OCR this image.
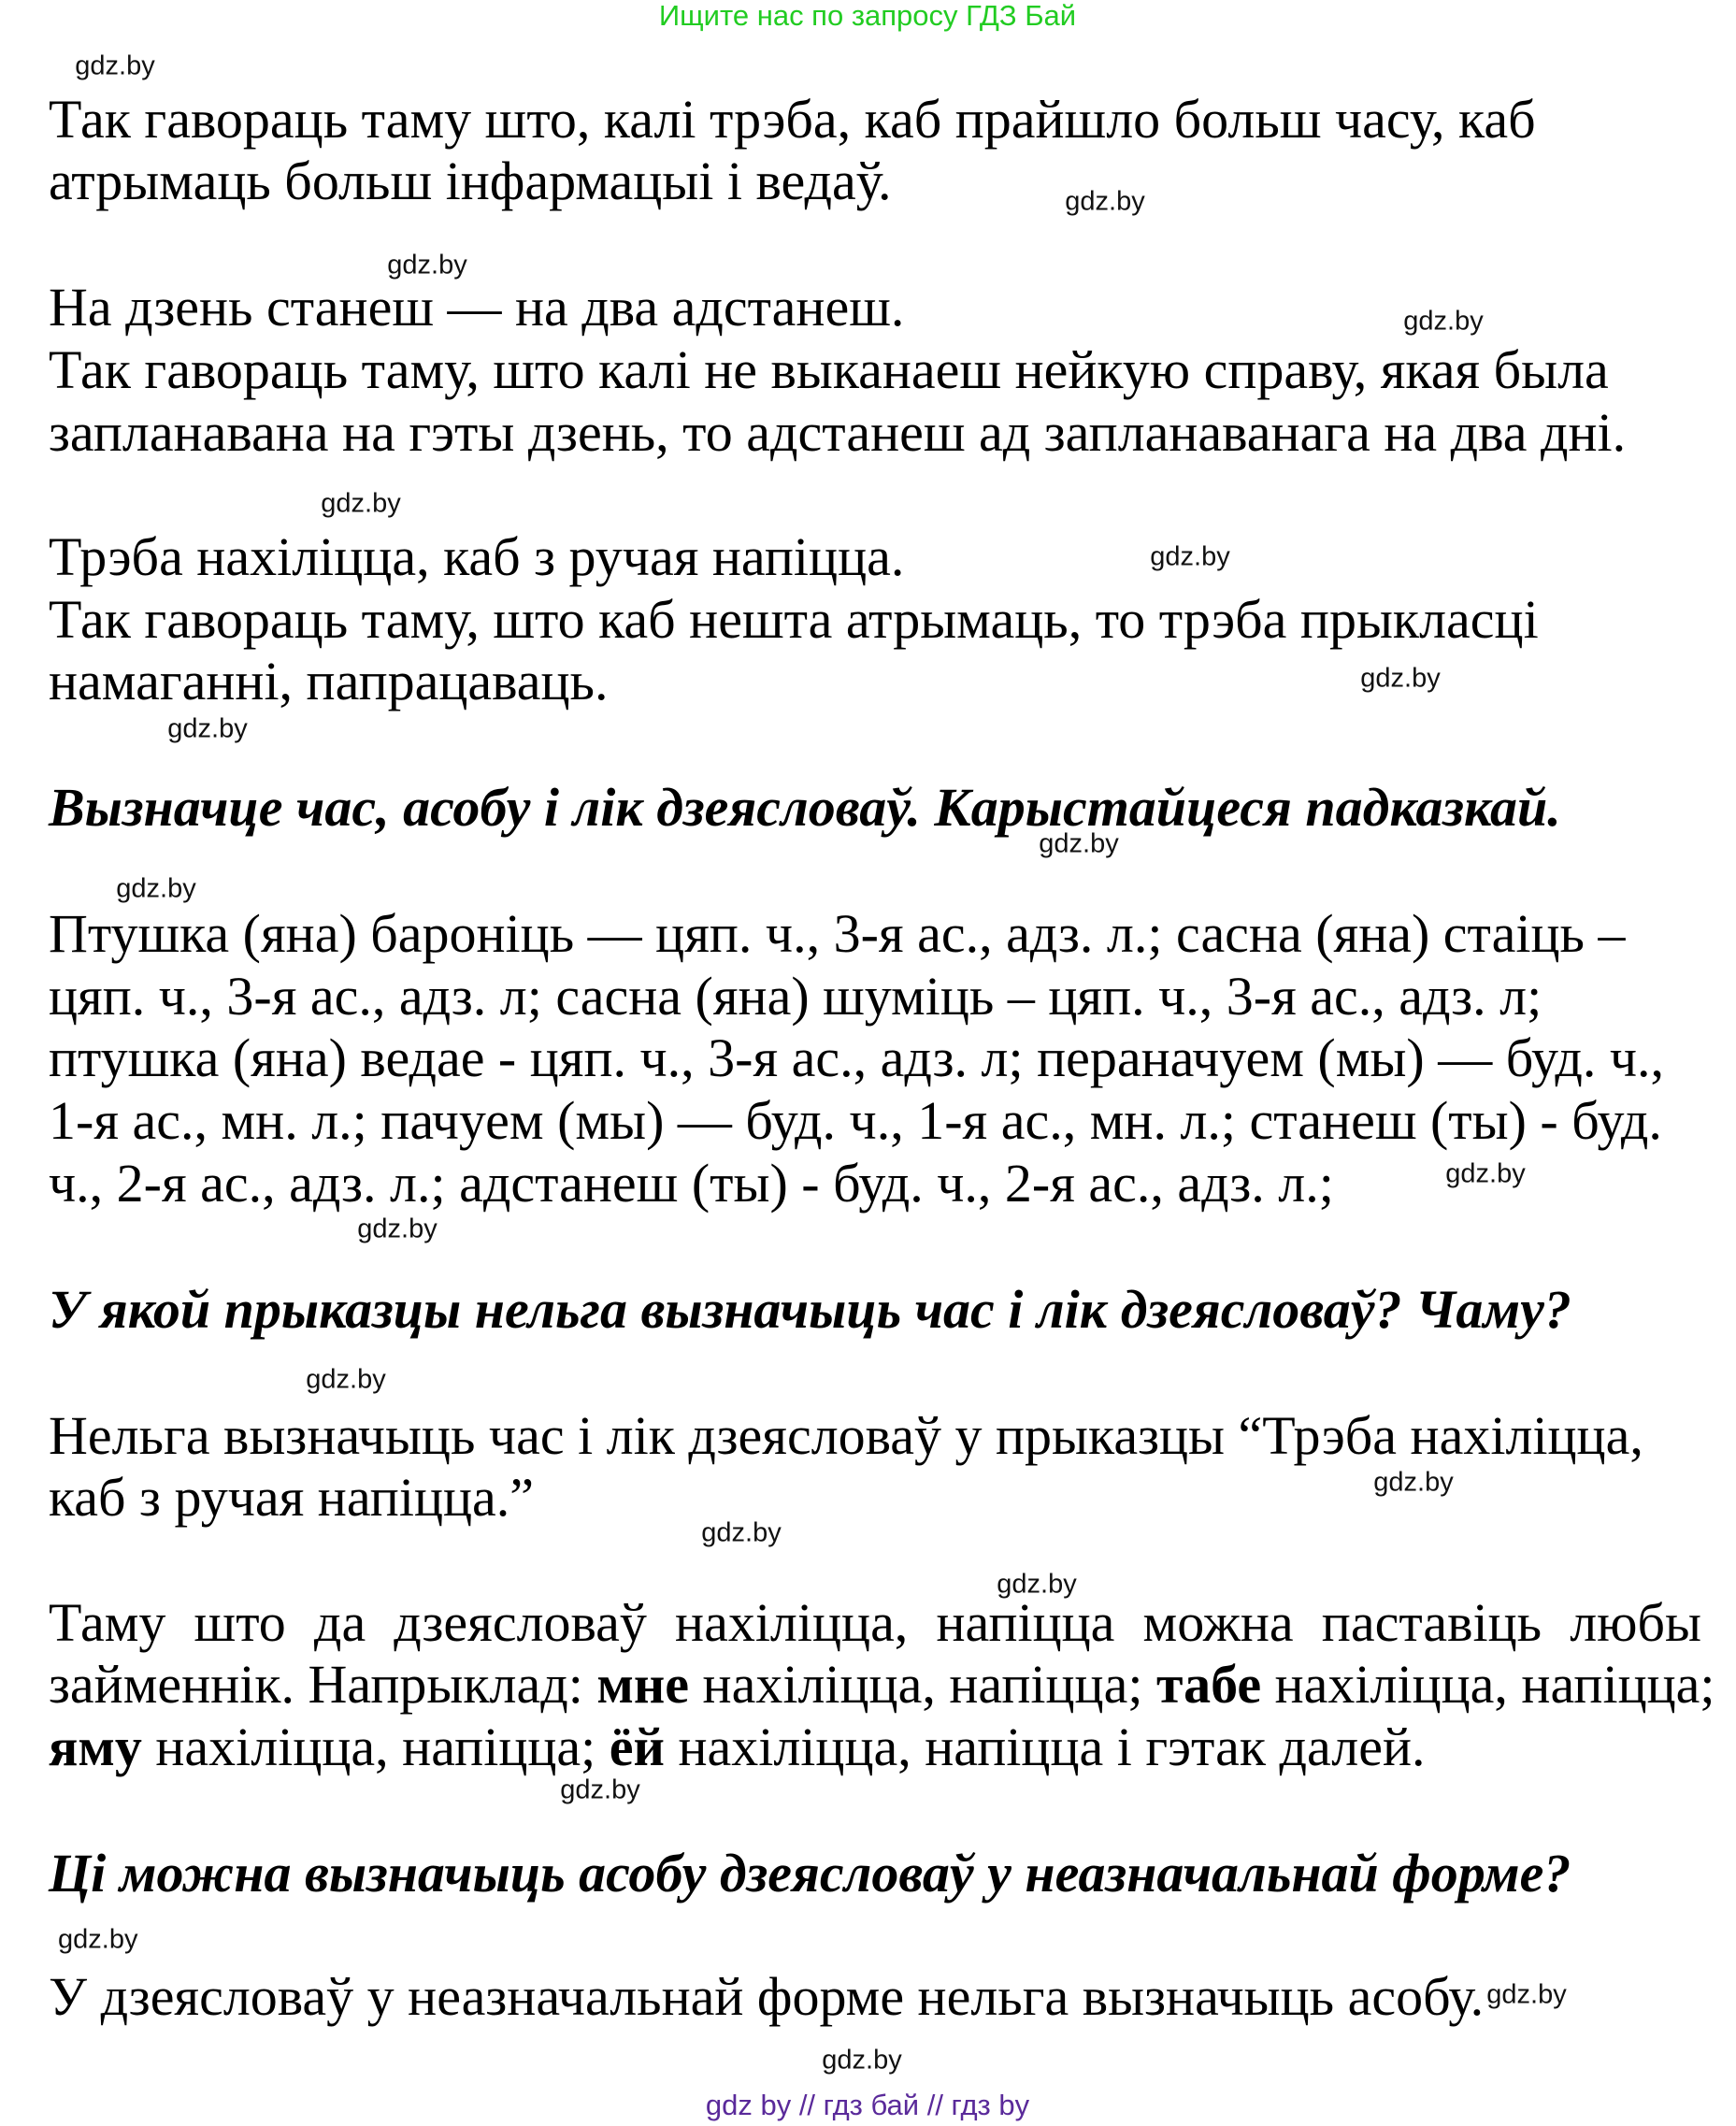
Ищите нас по запросу ГДЗ Бай
Так гавораць таму што, калі трэба, каб прайшло больш часу, каб
атрымаць больш інфармацыі і ведаў.
На дзень станеш — на два адстанеш.
Так гавораць таму, што калі не выканаеш нейкую справу, якая была
запланавана на гэты дзень, то адстанеш ад запланаванага на два дні.
Трэба нахіліцца, каб з ручая напіцца.
Так гавораць таму, што каб нешта атрымаць, то трэба прыкласці
намаганні, папрацаваць.
Вызначце час, асобу і лік дзеясловаў. Карыстайцеся падказкай.
Птушка (яна) бароніць — цяп. ч., 3-я ас., адз. л.; сасна (яна) стаіць –
цяп. ч., 3-я ас., адз. л; сасна (яна) шуміць – цяп. ч., 3-я ас., адз. л;
птушка (яна) ведае - цяп. ч., 3-я ас., адз. л; пераначуем (мы) — буд. ч.,
1-я ас., мн. л.; пачуем (мы) — буд. ч., 1-я ас., мн. л.; станеш (ты) - буд.
ч., 2-я ас., адз. л.; адстанеш (ты) - буд. ч., 2-я ас., адз. л.;
У якой прыказцы нельга вызначыць час і лік дзеясловаў? Чаму?
Нельга вызначыць час і лік дзеясловаў у прыказцы “Трэба нахіліцца,
каб з ручая напіцца.”
Таму што да дзеясловаў нахіліцца, напіцца можна паставіць любы
займеннік. Напрыклад: мне нахіліцца, напіцца; табе нахіліцца, напіцца;
яму нахіліцца, напіцца; ёй нахіліцца, напіцца і гэтак далей.
Ці можна вызначыць асобу дзеясловаў у неазначальнай форме?
У дзеясловаў у неазначальнай форме нельга вызначыць асобу.
gdz.by
gdz.by
gdz.by
gdz.by
gdz.by
gdz.by
gdz.by
gdz.by
gdz.by
gdz.by
gdz.by
gdz.by
gdz.by
gdz.by
gdz.by
gdz.by
gdz.by
gdz.by
gdz.by
gdz.by
gdz by // гдз бай // гдз by
